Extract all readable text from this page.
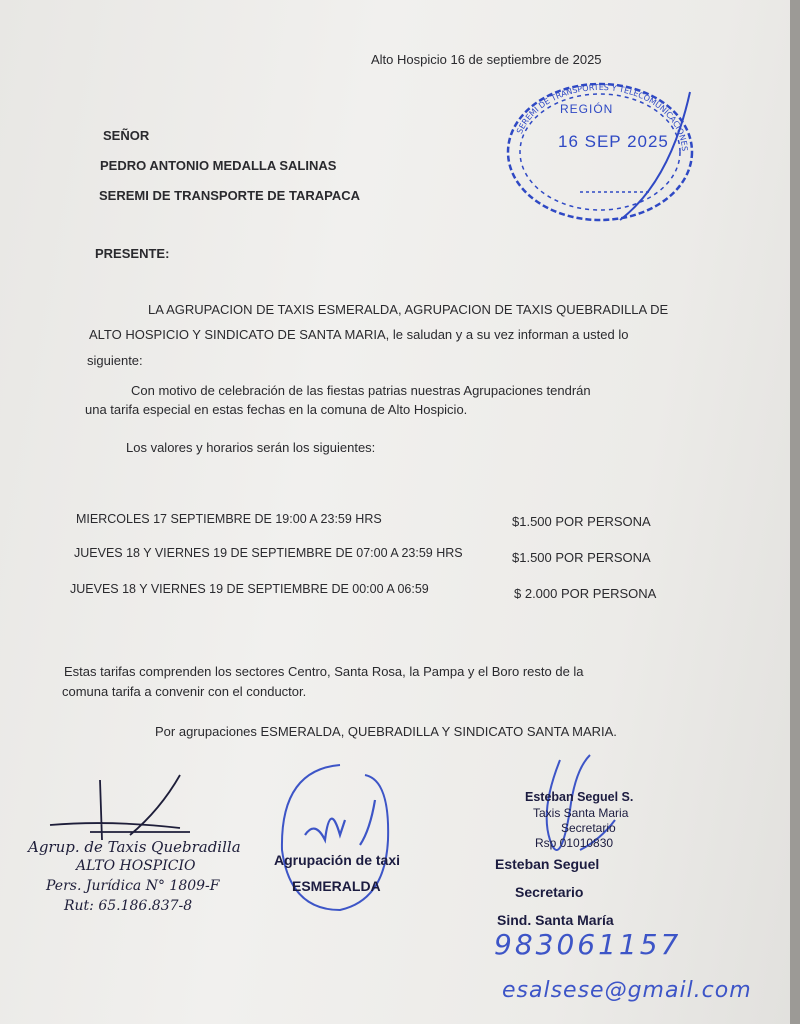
Alto Hospicio 16 de septiembre de 2025
SEREMI DE TRANSPORTES Y TELECOMUNICACIONES
REGIÓN
16 SEP 2025
SEÑOR
PEDRO ANTONIO MEDALLA SALINAS
SEREMI DE TRANSPORTE DE TARAPACA
PRESENTE:
LA AGRUPACION DE TAXIS ESMERALDA, AGRUPACION DE TAXIS QUEBRADILLA DE
ALTO HOSPICIO Y SINDICATO DE SANTA MARIA, le saludan y a su vez informan a usted lo
siguiente:
Con motivo de celebración de las fiestas patrias nuestras Agrupaciones tendrán
una tarifa especial en estas fechas en la comuna de Alto Hospicio.
Los valores y horarios serán los siguientes:
MIERCOLES 17 SEPTIEMBRE DE 19:00 A 23:59 HRS	$1.500 POR PERSONA
JUEVES 18 Y VIERNES 19 DE SEPTIEMBRE DE 07:00 A 23:59 HRS	$1.500 POR PERSONA
JUEVES 18 Y VIERNES 19 DE SEPTIEMBRE DE 00:00 A 06:59	$ 2.000 POR PERSONA
Estas tarifas comprenden los sectores Centro, Santa Rosa, la Pampa y el Boro resto de la
comuna tarifa a convenir con el conductor.
Por agrupaciones ESMERALDA, QUEBRADILLA Y SINDICATO SANTA MARIA.
Agrup. de Taxis Quebradilla
ALTO HOSPICIO
Pers. Jurídica N° 1809-F
Rut: 65.186.837-8
Agrupación de taxi
ESMERALDA
Esteban Seguel S.
Taxis Santa Maria
Secretario
Rsp 01010830
Esteban Seguel
Secretario
Sind. Santa María
983061157
esalsese@gmail.com
